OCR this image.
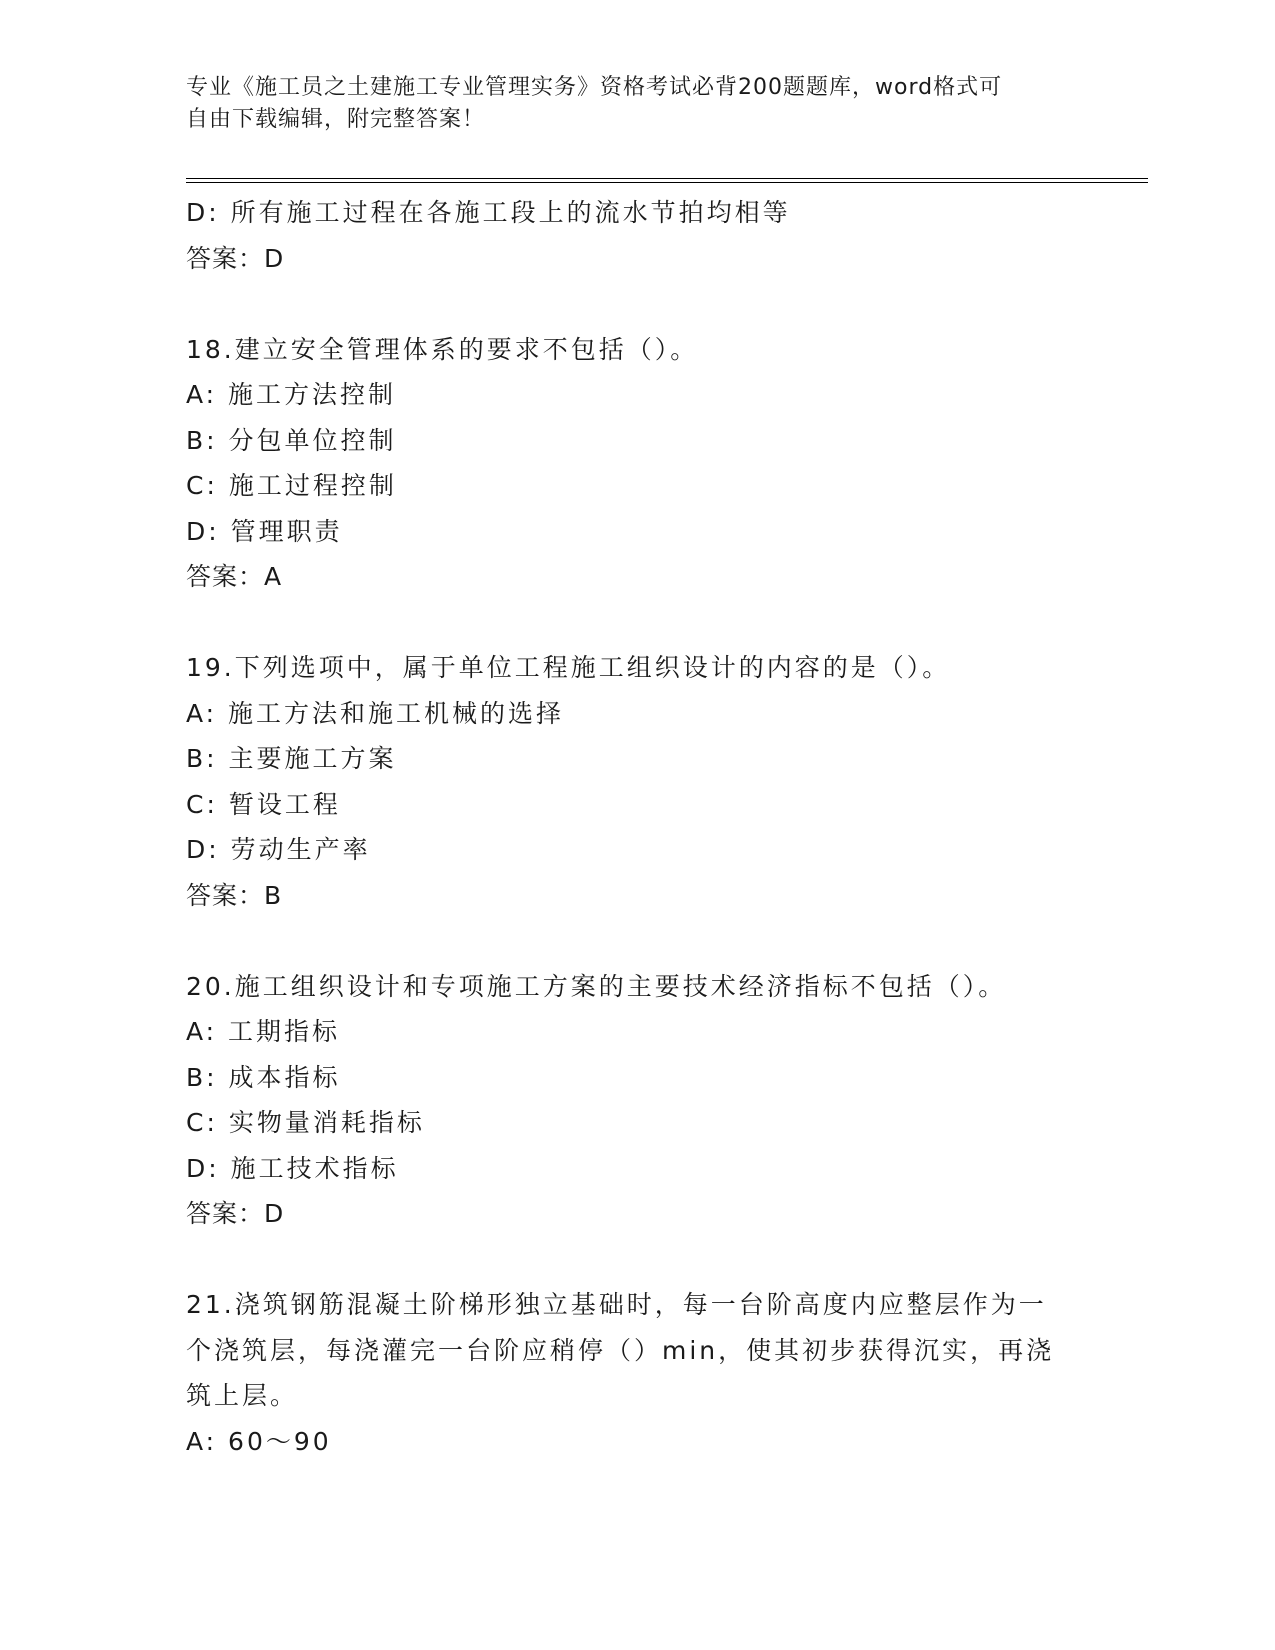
专业《施工员之土建施工专业管理实务》资格考试必背200题题库，word格式可

自由下载编辑，附完整答案！

D: 所有施工过程在各施工段上的流水节拍均相等
答案：D
18.建立安全管理体系的要求不包括（）。
A: 施工方法控制
B: 分包单位控制
C: 施工过程控制
D: 管理职责
答案：A
19.下列选项中，属于单位工程施工组织设计的内容的是（）。
A: 施工方法和施工机械的选择
B: 主要施工方案
C: 暂设工程
D: 劳动生产率
答案：B
20.施工组织设计和专项施工方案的主要技术经济指标不包括（）。
A: 工期指标
B: 成本指标
C: 实物量消耗指标
D: 施工技术指标
答案：D
21.浇筑钢筋混凝土阶梯形独立基础时，每一台阶高度内应整层作为一
个浇筑层，每浇灌完一台阶应稍停（）min，使其初步获得沉实，再浇
筑上层。
A: 60～90
